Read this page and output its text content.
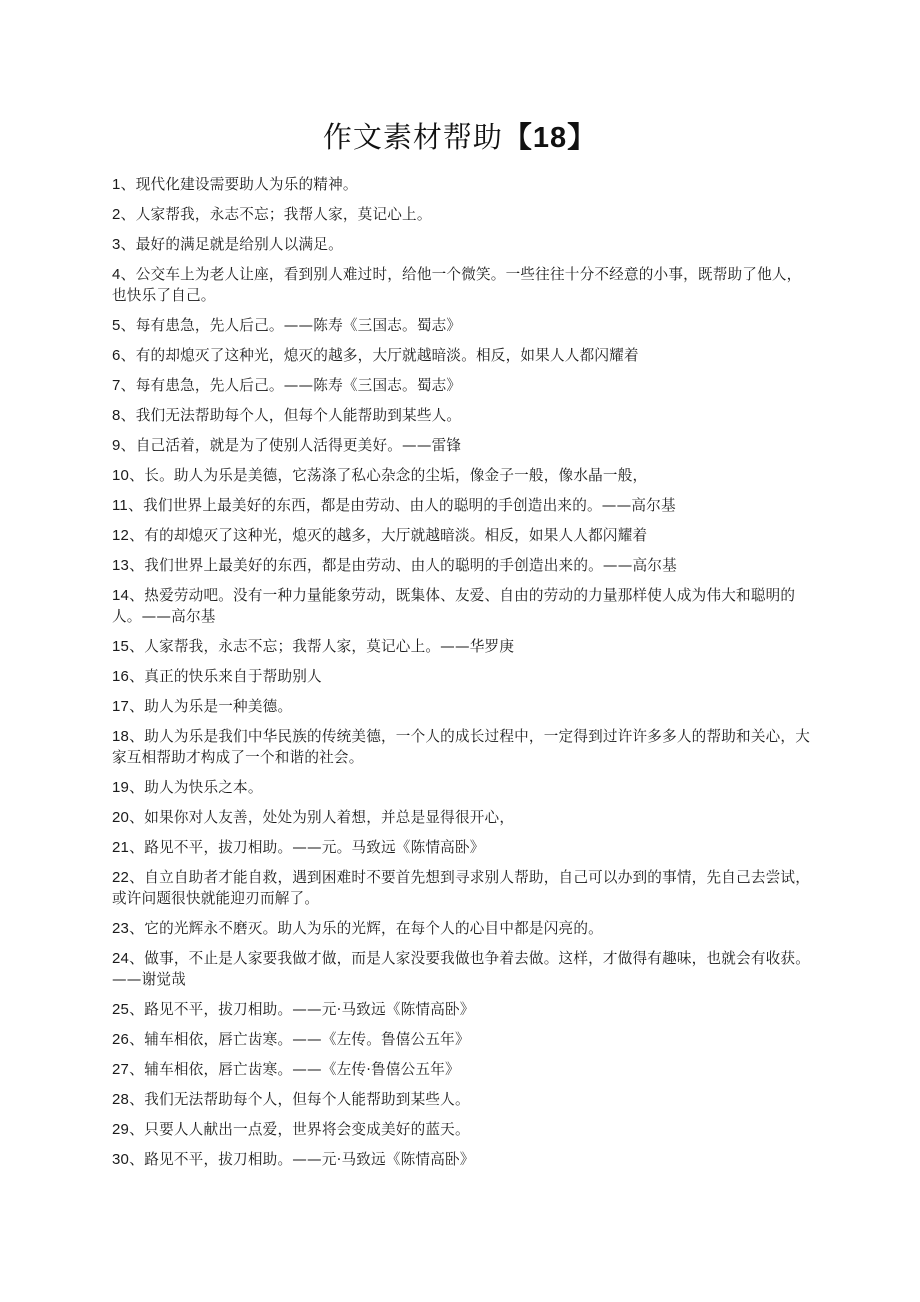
作文素材帮助【18】
1、现代化建设需要助人为乐的精神。
2、人家帮我，永志不忘；我帮人家，莫记心上。
3、最好的满足就是给别人以满足。
4、公交车上为老人让座，看到别人难过时，给他一个微笑。一些往往十分不经意的小事，既帮助了他人，也快乐了自己。
5、每有患急，先人后己。——陈寿《三国志。蜀志》
6、有的却熄灭了这种光，熄灭的越多，大厅就越暗淡。相反，如果人人都闪耀着
7、每有患急，先人后己。——陈寿《三国志。蜀志》
8、我们无法帮助每个人，但每个人能帮助到某些人。
9、自己活着，就是为了使别人活得更美好。——雷锋
10、长。助人为乐是美德，它荡涤了私心杂念的尘垢，像金子一般，像水晶一般，
11、我们世界上最美好的东西，都是由劳动、由人的聪明的手创造出来的。——高尔基
12、有的却熄灭了这种光，熄灭的越多，大厅就越暗淡。相反，如果人人都闪耀着
13、我们世界上最美好的东西，都是由劳动、由人的聪明的手创造出来的。——高尔基
14、热爱劳动吧。没有一种力量能象劳动，既集体、友爱、自由的劳动的力量那样使人成为伟大和聪明的人。——高尔基
15、人家帮我，永志不忘；我帮人家，莫记心上。——华罗庚
16、真正的快乐来自于帮助别人
17、助人为乐是一种美德。
18、助人为乐是我们中华民族的传统美德，一个人的成长过程中，一定得到过许许多多人的帮助和关心，大家互相帮助才构成了一个和谐的社会。
19、助人为快乐之本。
20、如果你对人友善，处处为别人着想，并总是显得很开心，
21、路见不平，拔刀相助。——元。马致远《陈情高卧》
22、自立自助者才能自救，遇到困难时不要首先想到寻求别人帮助，自己可以办到的事情，先自己去尝试，或许问题很快就能迎刃而解了。
23、它的光辉永不磨灭。助人为乐的光辉，在每个人的心目中都是闪亮的。
24、做事，不止是人家要我做才做，而是人家没要我做也争着去做。这样，才做得有趣味，也就会有收获。——谢觉哉
25、路见不平，拔刀相助。——元·马致远《陈情高卧》
26、辅车相依，唇亡齿寒。——《左传。鲁僖公五年》
27、辅车相依，唇亡齿寒。——《左传·鲁僖公五年》
28、我们无法帮助每个人，但每个人能帮助到某些人。
29、只要人人献出一点爱，世界将会变成美好的蓝天。
30、路见不平，拔刀相助。——元·马致远《陈情高卧》
